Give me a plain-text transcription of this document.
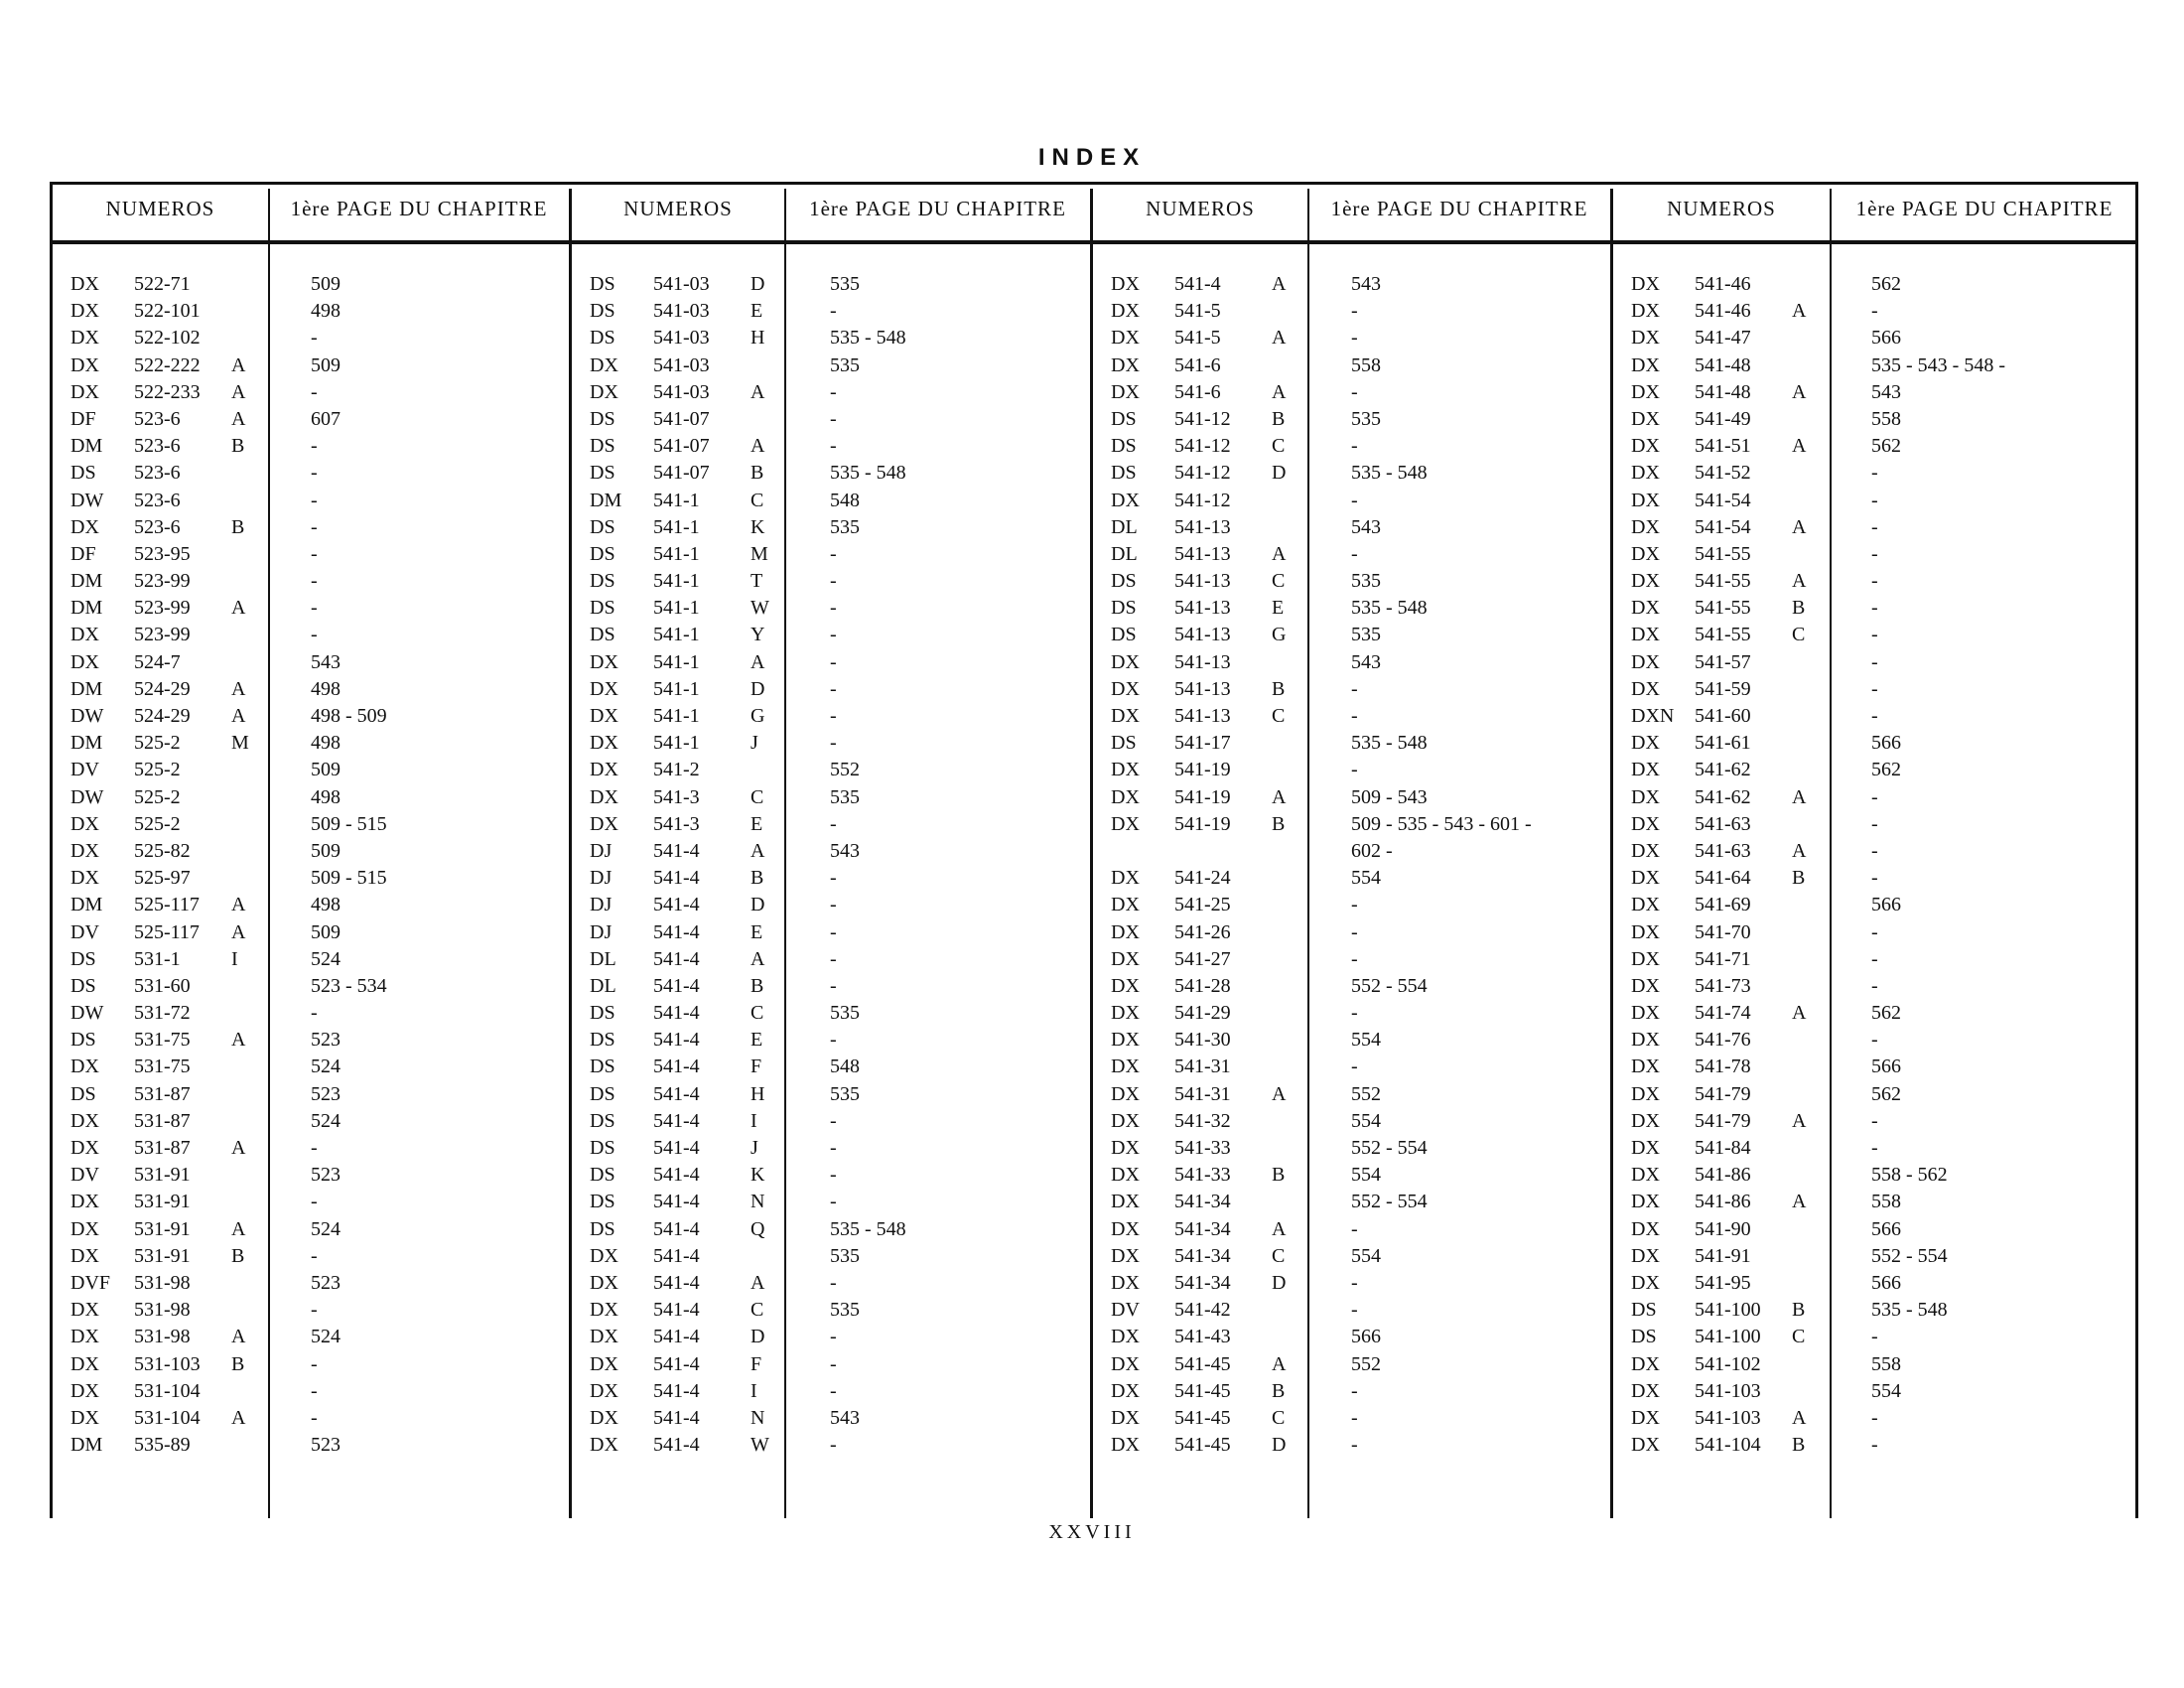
INDEX
NUMEROS	1ère PAGE DU CHAPITRE	NUMEROS	1ère PAGE DU CHAPITRE	NUMEROS	1ère PAGE DU CHAPITRE	NUMEROS	1ère PAGE DU CHAPITRE
DX 522-71	509
DX 522-101	498
DX 522-102	-
DX 522-222 A	509
DX 522-233 A	-
DF 523-6	A	607
DM 523-6	B	-
DS 523-6	-
DW 523-6	-
DX 523-6	B	-
DF 523-95	-
DM 523-99	-
DM 523-99 A	-
DX 523-99	-
DX 524-7	543
DM 524-29 A	498
DW 524-29 A	498 - 509
DM 525-2	M	498
DV 525-2	509
DW 525-2	498
DX 525-2	509 - 515
DX 525-82	509
DX 525-97	509 - 515
DM 525-117 A	498
DV 525-117 A	509
DS 531-1	I	524
DS 531-60	523 - 534
DW 531-72	-
DS 531-75 A	523
DX 531-75	524
DS 531-87	523
DX 531-87	524
DX 531-87 A	-
DV 531-91	523
DX 531-91	-
DX 531-91 A	524
DX 531-91 B	-
DVF 531-98	523
DX 531-98	-
DX 531-98 A	524
DX 531-103 B	-
DX 531-104	-
DX 531-104 A	-
DM 535-89	523
DS 541-03 D	535
DS 541-03 E	-
DS 541-03 H	535 - 548
DX 541-03	535
DX 541-03 A	-
DS 541-07	-
DS 541-07 A	-
DS 541-07 B	535 - 548
DM 541-1	C	548
DS 541-1	K	535
DS 541-1	M	-
DS 541-1	T	-
DS 541-1	W	-
DS 541-1	Y	-
DX 541-1	A	-
DX 541-1	D	-
DX 541-1	G	-
DX 541-1	J	-
DX 541-2	552
DX 541-3	C	535
DX 541-3	E	-
DJ 541-4	A	543
DJ 541-4	B	-
DJ 541-4	D	-
DJ 541-4	E	-
DL 541-4	A	-
DL 541-4	B	-
DS 541-4	C	535
DS 541-4	E	-
DS 541-4	F	548
DS 541-4	H	535
DS 541-4	I	-
DS 541-4	J	-
DS 541-4	K	-
DS 541-4	N	-
DS 541-4	Q	535 - 548
DX 541-4	535
DX 541-4	A	-
DX 541-4	C	535
DX 541-4	D	-
DX 541-4	F	-
DX 541-4	I	-
DX 541-4	N	543
DX 541-4	W	-
DX 541-4	A	543
DX 541-5	-
DX 541-5	A	-
DX 541-6	558
DX 541-6	A	-
DS 541-12 B	535
DS 541-12 C	-
DS 541-12 D	535 - 548
DX 541-12	-
DL 541-13	543
DL 541-13 A	-
DS 541-13 C	535
DS 541-13 E	535 - 548
DS 541-13 G	535
DX 541-13	543
DX 541-13 B	-
DX 541-13 C	-
DS 541-17	535 - 548
DX 541-19	-
DX 541-19 A	509 - 543
DX 541-19 B	509 - 535 - 543 - 601 -
602 -
DX 541-24	554
DX 541-25	-
DX 541-26	-
DX 541-27	-
DX 541-28	552 - 554
DX 541-29	-
DX 541-30	554
DX 541-31	-
DX 541-31 A	552
DX 541-32	554
DX 541-33	552 - 554
DX 541-33 B	554
DX 541-34	552 - 554
DX 541-34 A	-
DX 541-34 C	554
DX 541-34 D	-
DV 541-42	-
DX 541-43	566
DX 541-45 A	552
DX 541-45 B	-
DX 541-45 C	-
DX 541-45 D	-
DX 541-46	562
DX 541-46 A	-
DX 541-47	566
DX 541-48	535 - 543 - 548 -
DX 541-48 A	543
DX 541-49	558
DX 541-51 A	562
DX 541-52	-
DX 541-54	-
DX 541-54 A	-
DX 541-55	-
DX 541-55 A	-
DX 541-55 B	-
DX 541-55 C	-
DX 541-57	-
DX 541-59	-
DXN 541-60	-
DX 541-61	566
DX 541-62	562
DX 541-62 A	-
DX 541-63	-
DX 541-63 A	-
DX 541-64 B	-
DX 541-69	566
DX 541-70	-
DX 541-71	-
DX 541-73	-
DX 541-74 A	562
DX 541-76	-
DX 541-78	566
DX 541-79	562
DX 541-79 A	-
DX 541-84	-
DX 541-86	558 - 562
DX 541-86 A	558
DX 541-90	566
DX 541-91	552 - 554
DX 541-95	566
DS 541-100 B	535 - 548
DS 541-100 C	-
DX 541-102	558
DX 541-103	554
DX 541-103 A	-
DX 541-104 B	-
XXVIII
